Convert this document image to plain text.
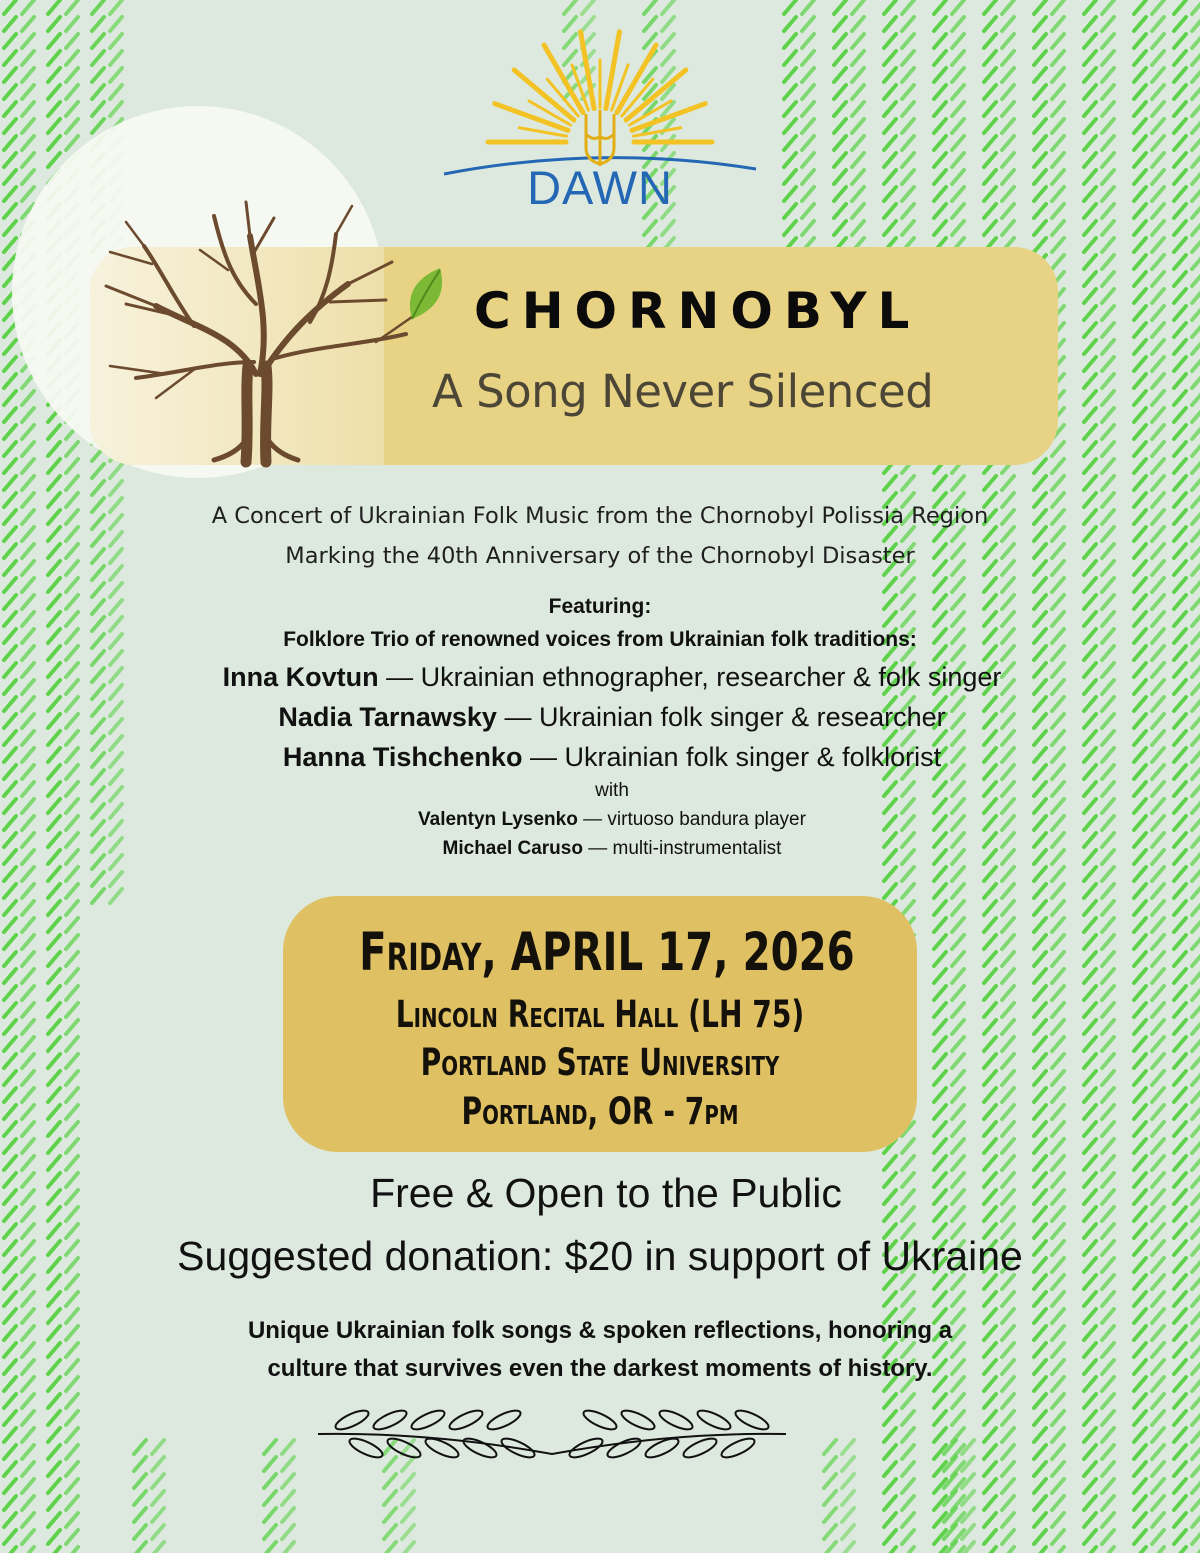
DAWN
CHORNOBYL
A Song Never Silenced
A Concert of Ukrainian Folk Music from the Chornobyl Polissia Region
Marking the 40th Anniversary of the Chornobyl Disaster
Featuring:
Folklore Trio of renowned voices from Ukrainian folk traditions:
Inna Kovtun — Ukrainian ethnographer, researcher & folk singer
Nadia Tarnawsky — Ukrainian folk singer & researcher
Hanna Tishchenko — Ukrainian folk singer & folklorist
with
Valentyn Lysenko — virtuoso bandura player
Michael Caruso — multi-instrumentalist
Friday, APRIL 17, 2026
Lincoln Recital Hall (LH 75)
Portland State University
Portland, OR - 7pm
Free & Open to the Public
Suggested donation: $20 in support of Ukraine
Unique Ukrainian folk songs & spoken reflections, honoring a
culture that survives even the darkest moments of history.
